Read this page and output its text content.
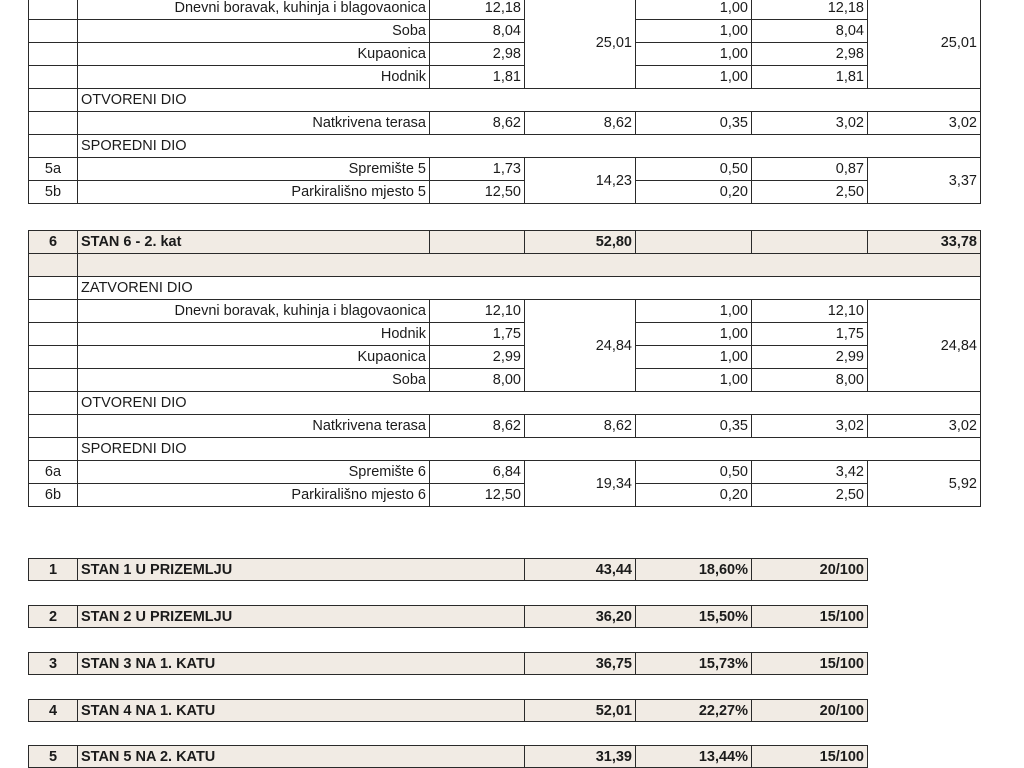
	Dnevni boravak, kuhinja i blagovaonica	12,18	25,01	1,00	12,18	25,01
	Soba	8,04		1,00	8,04	
	Kupaonica	2,98		1,00	2,98	
	Hodnik	1,81		1,00	1,81	
	OTVORENI DIO					
	Natkrivena terasa	8,62	8,62	0,35	3,02	3,02
	SPOREDNI DIO					
5a	Spremište 5	1,73	14,23	0,50	0,87	3,37
5b	Parkirališno mjesto 5	12,50		0,20	2,50	
6	STAN 6 - 2. kat		52,80			33,78

	ZATVORENI DIO					
	Dnevni boravak, kuhinja i blagovaonica	12,10	24,84	1,00	12,10	24,84
	Hodnik	1,75		1,00	1,75	
	Kupaonica	2,99		1,00	2,99	
	Soba	8,00		1,00	8,00	
	OTVORENI DIO					
	Natkrivena terasa	8,62	8,62	0,35	3,02	3,02
	SPOREDNI DIO					
6a	Spremište 6	6,84	19,34	0,50	3,42	5,92
6b	Parkirališno mjesto 6	12,50		0,20	2,50	
1	STAN 1 U PRIZEMLJU	43,44	18,60%	20/100
2	STAN 2 U PRIZEMLJU	36,20	15,50%	15/100
3	STAN 3 NA 1. KATU	36,75	15,73%	15/100
4	STAN 4 NA 1. KATU	52,01	22,27%	20/100
5	STAN 5 NA 2. KATU	31,39	13,44%	15/100
